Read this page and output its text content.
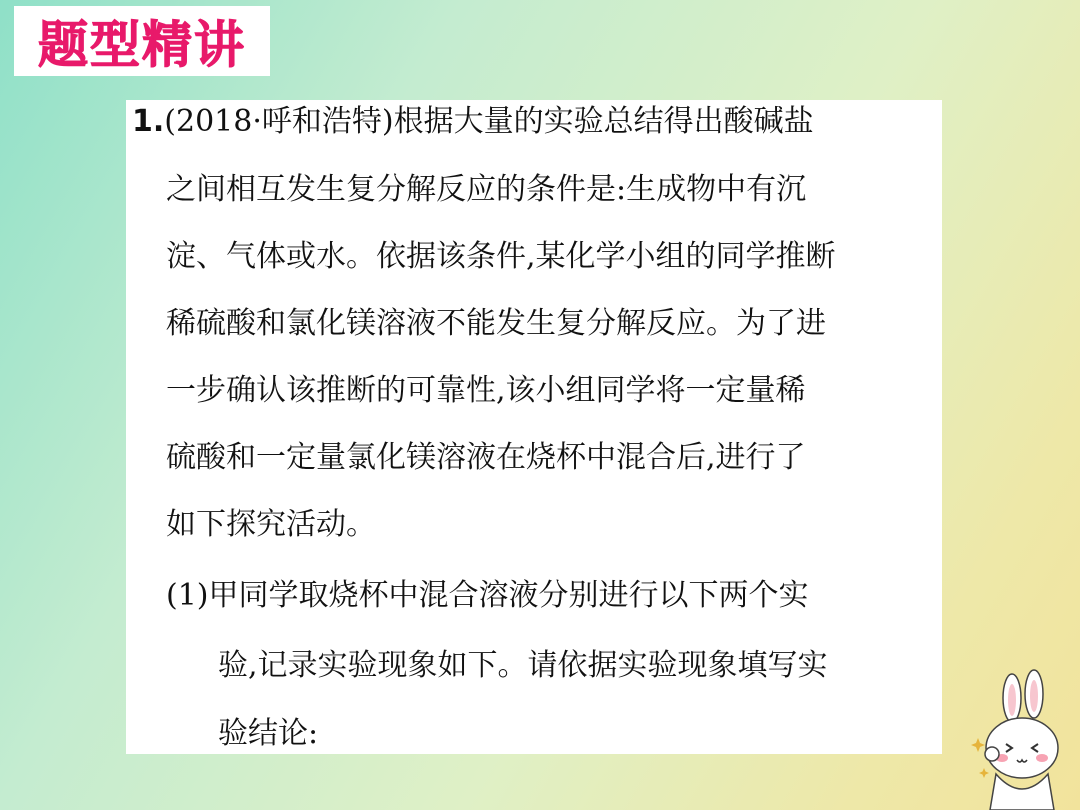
题型精讲
1.(2018·呼和浩特)根据大量的实验总结得出酸碱盐
之间相互发生复分解反应的条件是:生成物中有沉
淀、气体或水。依据该条件,某化学小组的同学推断
稀硫酸和氯化镁溶液不能发生复分解反应。为了进
一步确认该推断的可靠性,该小组同学将一定量稀
硫酸和一定量氯化镁溶液在烧杯中混合后,进行了
如下探究活动。
(1)甲同学取烧杯中混合溶液分别进行以下两个实
验,记录实验现象如下。请依据实验现象填写实
验结论:
